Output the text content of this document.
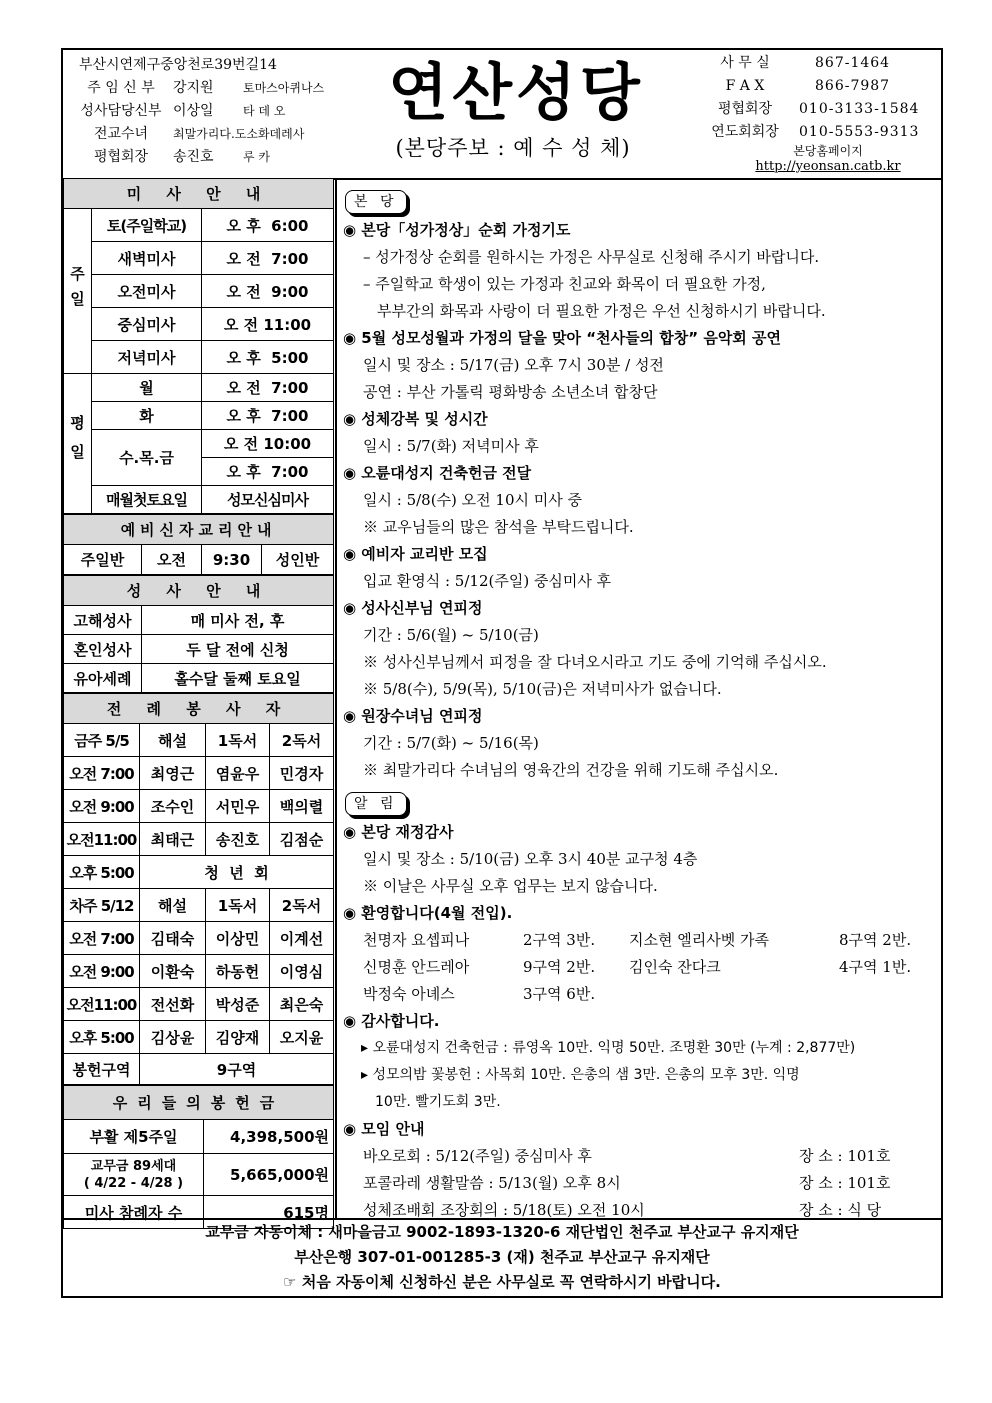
부산시연제구중앙천로39번길14
주 임 신 부	강지원	토마스아퀴나스
성사담당신부 이상일	타 데 오
전교수녀	최말가리다.도소화데레사
평협회장	송진호	루 카
연산성당
(본당주보 : 예 수 성 체)
사 무 실	867-1464
F A X	866-7987
평협회장	010-3133-1584
연도회회장	010-5553-9313
본당홈페이지
http://yeonsan.catb.kr
미 사 안 내		
주일	토(주일학교)	오 후  6:00
	새벽미사	오 전  7:00
	오전미사	오 전  9:00
	중심미사	오 전 11:00
	저녁미사	오 후  5:00
평일	월	오 전  7:00
	화	오 후  7:00
	수.목.금	오 전 10:00
		오 후  7:00
	매월첫토요일	성모신심미사
예비신자교리안내
주일반	오전	9:30	성인반
성 사 안 내	
고해성사	매 미사 전, 후
혼인성사	두 달 전에 신청
유아세례	홀수달 둘째 토요일
전 례 봉 사 자			
금주 5/5	해설	1독서	2독서
오전 7:00	최영근	염윤우	민경자
오전 9:00	조수인	서민우	백의렬
오전11:00	최태근	송진호	김점순
오후 5:00	청  년  회		
차주 5/12	해설	1독서	2독서
오전 7:00	김태숙	이상민	이계선
오전 9:00	이환숙	하동헌	이영심
오전11:00	전선화	박성준	최은숙
오후 5:00	김상윤	김양재	오지윤
봉헌구역	9구역		
우리들의봉헌금	
부활 제5주일	4,398,500원

교무금 89세대
( 4/22 - 4/28 )	5,665,000원
미사 참례자 수	615명
본 당
◉ 본당「성가정상」순회 가정기도
– 성가정상 순회를 원하시는 가정은 사무실로 신청해 주시기 바랍니다.
– 주일학교 학생이 있는 가정과 친교와 화목이 더 필요한 가정,
부부간의 화목과 사랑이 더 필요한 가정은 우선 신청하시기 바랍니다.
◉ 5월 성모성월과 가정의 달을 맞아 “천사들의 합창” 음악회 공연
일시 및 장소 : 5/17(금) 오후 7시 30분 / 성전
공연 : 부산 가톨릭 평화방송 소년소녀 합창단
◉ 성체강복 및 성시간
일시 : 5/7(화) 저녁미사 후
◉ 오륜대성지 건축헌금 전달
일시 : 5/8(수) 오전 10시 미사 중
※ 교우님들의 많은 참석을 부탁드립니다.
◉ 예비자 교리반 모집
입교 환영식 : 5/12(주일) 중심미사 후
◉ 성사신부님 연피정
기간 : 5/6(월) ~ 5/10(금)
※ 성사신부님께서 피정을 잘 다녀오시라고 기도 중에 기억해 주십시오.
※ 5/8(수), 5/9(목), 5/10(금)은 저녁미사가 없습니다.
◉ 원장수녀님 연피정
기간 : 5/7(화) ~ 5/16(목)
※ 최말가리다 수녀님의 영육간의 건강을 위해 기도해 주십시오.
알 림
◉ 본당 재정감사
일시 및 장소 : 5/10(금) 오후 3시 40분 교구청 4층
※ 이날은 사무실 오후 업무는 보지 않습니다.
◉ 환영합니다(4월 전입).
천명자 요셉피나	2구역 3반.	지소현 엘리사벳 가족	8구역 2반.
신명훈 안드레아	9구역 2반.	김인숙 잔다크	4구역 1반.
박정숙 아녜스	3구역 6반.
◉ 감사합니다.
▸ 오륜대성지 건축헌금 : 류영옥 10만. 익명 50만. 조명환 30만 (누계 : 2,877만)
▸ 성모의밤 꽃봉헌 : 사목회 10만. 은총의 샘 3만. 은총의 모후 3만. 익명
10만. 빨기도회 3만.
◉ 모임 안내
바오로회 : 5/12(주일) 중심미사 후	장 소 : 101호
포콜라레 생활말씀 : 5/13(월) 오후 8시	장 소 : 101호
성체조배회 조장회의 : 5/18(토) 오전 10시	장 소 : 식 당
교무금 자동이체 : 새마을금고 9002-1893-1320-6 재단법인 천주교 부산교구 유지재단
부산은행 307-01-001285-3 (재) 천주교 부산교구 유지재단
☞ 처음 자동이체 신청하신 분은 사무실로 꼭 연락하시기 바랍니다.
